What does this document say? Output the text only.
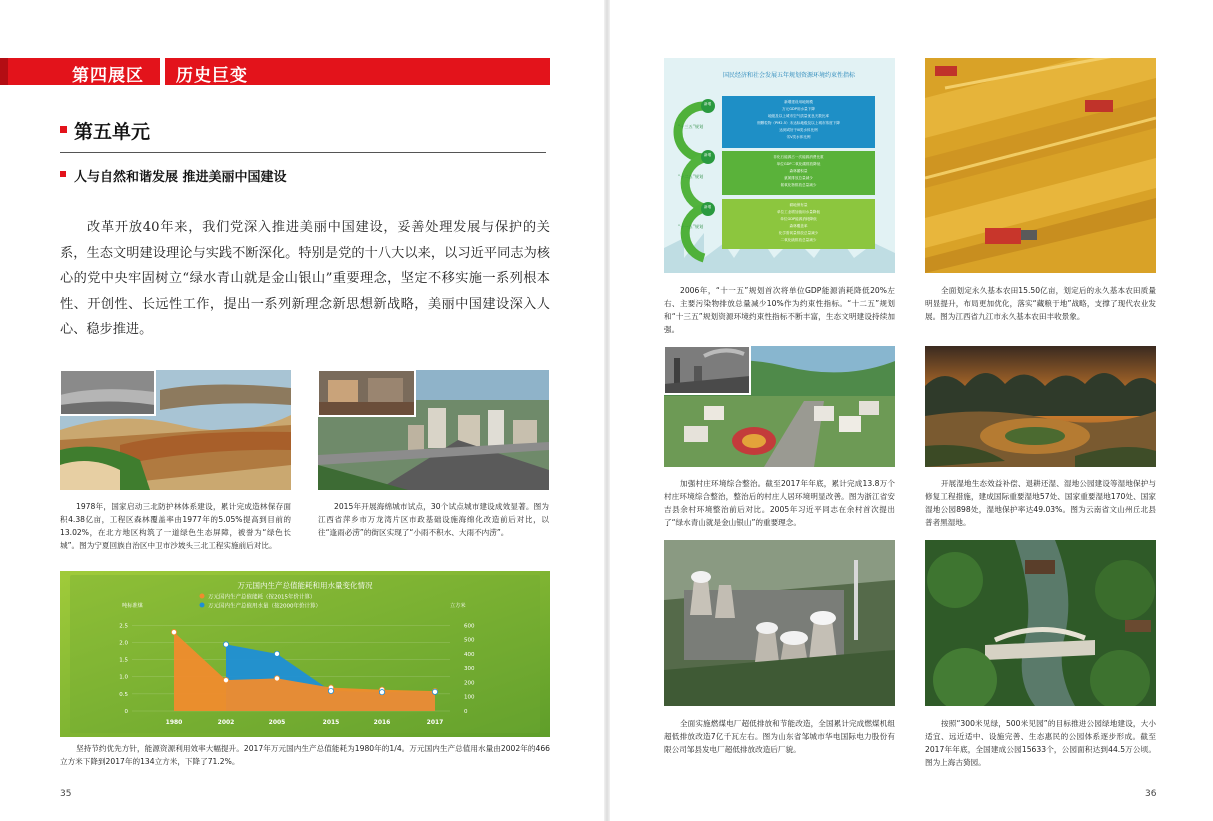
第四展区 历史巨变
第五单元
人与自然和谐发展 推进美丽中国建设
改革开放40年来，我们党深入推进美丽中国建设，妥善处理发展与保护的关系，生态文明建设理论与实践不断深化。特别是党的十八大以来，以习近平同志为核心的党中央牢固树立“绿水青山就是金山银山”重要理念，坚定不移实施一系列根本性、开创性、长远性工作，提出一系列新理念新思想新战略，美丽中国建设深入人心、稳步推进。
1978年，国家启动三北防护林体系建设，累计完成造林保存面积4.38亿亩，工程区森林覆盖率由1977年的5.05%提高到目前的13.02%，在北方地区构筑了一道绿色生态屏障，被誉为“绿色长城”。图为宁夏回族自治区中卫市沙坡头三北工程实施前后对比。
2015年开展海绵城市试点，30个试点城市建设成效显著。图为江西省萍乡市万龙湾片区市政基础设施海绵化改造前后对比，以往“逢雨必涝”的街区实现了“小雨不积水、大雨不内涝”。
万元国内生产总值能耗和用水量变化情况
万元国内生产总值能耗（按2015年价计算）
万元国内生产总值用水量（按2000年价计算）
吨标准煤	立方米
0
0.5
1.0
1.5
2.0
2.5
0
100
200
300
400
500
600
1980	2002	2005	2015	2016	2017
坚持节约优先方针，能源资源利用效率大幅提升。2017年万元国内生产总值能耗为1980年的1/4。万元国内生产总值用水量由2002年的466立方米下降到2017年的134立方米，下降了71.2%。
35
国民经济和社会发展五年规划资源环境约束性指标
新增
新增
新增
“十三五”规划
“十二五”规划
“十一五”规划
新增建设用地规模
万元GDP用水量下降
地级及以上城市空气质量优良天数比率
细颗粒物（PM2.5）未达标地级及以上城市浓度下降
达到或好于Ⅲ类水体比例
劣Ⅴ类水体比例
非化石能源占一次能源消费比重
单位GDP二氧化碳排放降低
森林蓄积量
氨氮排放总量减少
氮氧化物排放总量减少
耕地保有量
单位工业增加值用水量降低
单位GDP能源消耗降低
森林覆盖率
化学需氧量排放总量减少
二氧化硫排放总量减少
2006年，“十一五”规划首次将单位GDP能源消耗降低20%左右、主要污染物排放总量减少10%作为约束性指标。“十二五”规划和“十三五”规划资源环境约束性指标不断丰富，生态文明建设持续加强。
全面划定永久基本农田15.50亿亩，划定后的永久基本农田质量明显提升，布局更加优化，落实“藏粮于地”战略，支撑了现代农业发展。图为江西省九江市永久基本农田丰收景象。
加强村庄环境综合整治。截至2017年年底，累计完成13.8万个村庄环境综合整治，整治后的村庄人居环境明显改善。图为浙江省安吉县余村环境整治前后对比。2005年习近平同志在余村首次提出了“绿水青山就是金山银山”的重要理念。
开展湿地生态效益补偿、退耕还湿、湿地公园建设等湿地保护与修复工程措施，建成国际重要湿地57处、国家重要湿地170处、国家湿地公园898处，湿地保护率达49.03%。图为云南省文山州丘北县普者黑湿地。
全面实施燃煤电厂超低排放和节能改造，全国累计完成燃煤机组超低排放改造7亿千瓦左右。图为山东省邹城市华电国际电力股份有限公司邹县发电厂超低排放改造后厂貌。
按照“300米见绿，500米见园”的目标推进公园绿地建设，大小适宜、远近适中、设施完善、生态惠民的公园体系逐步形成。截至2017年年底，全国建成公园15633个，公园面积达到44.5万公顷。图为上海古猗园。
36
